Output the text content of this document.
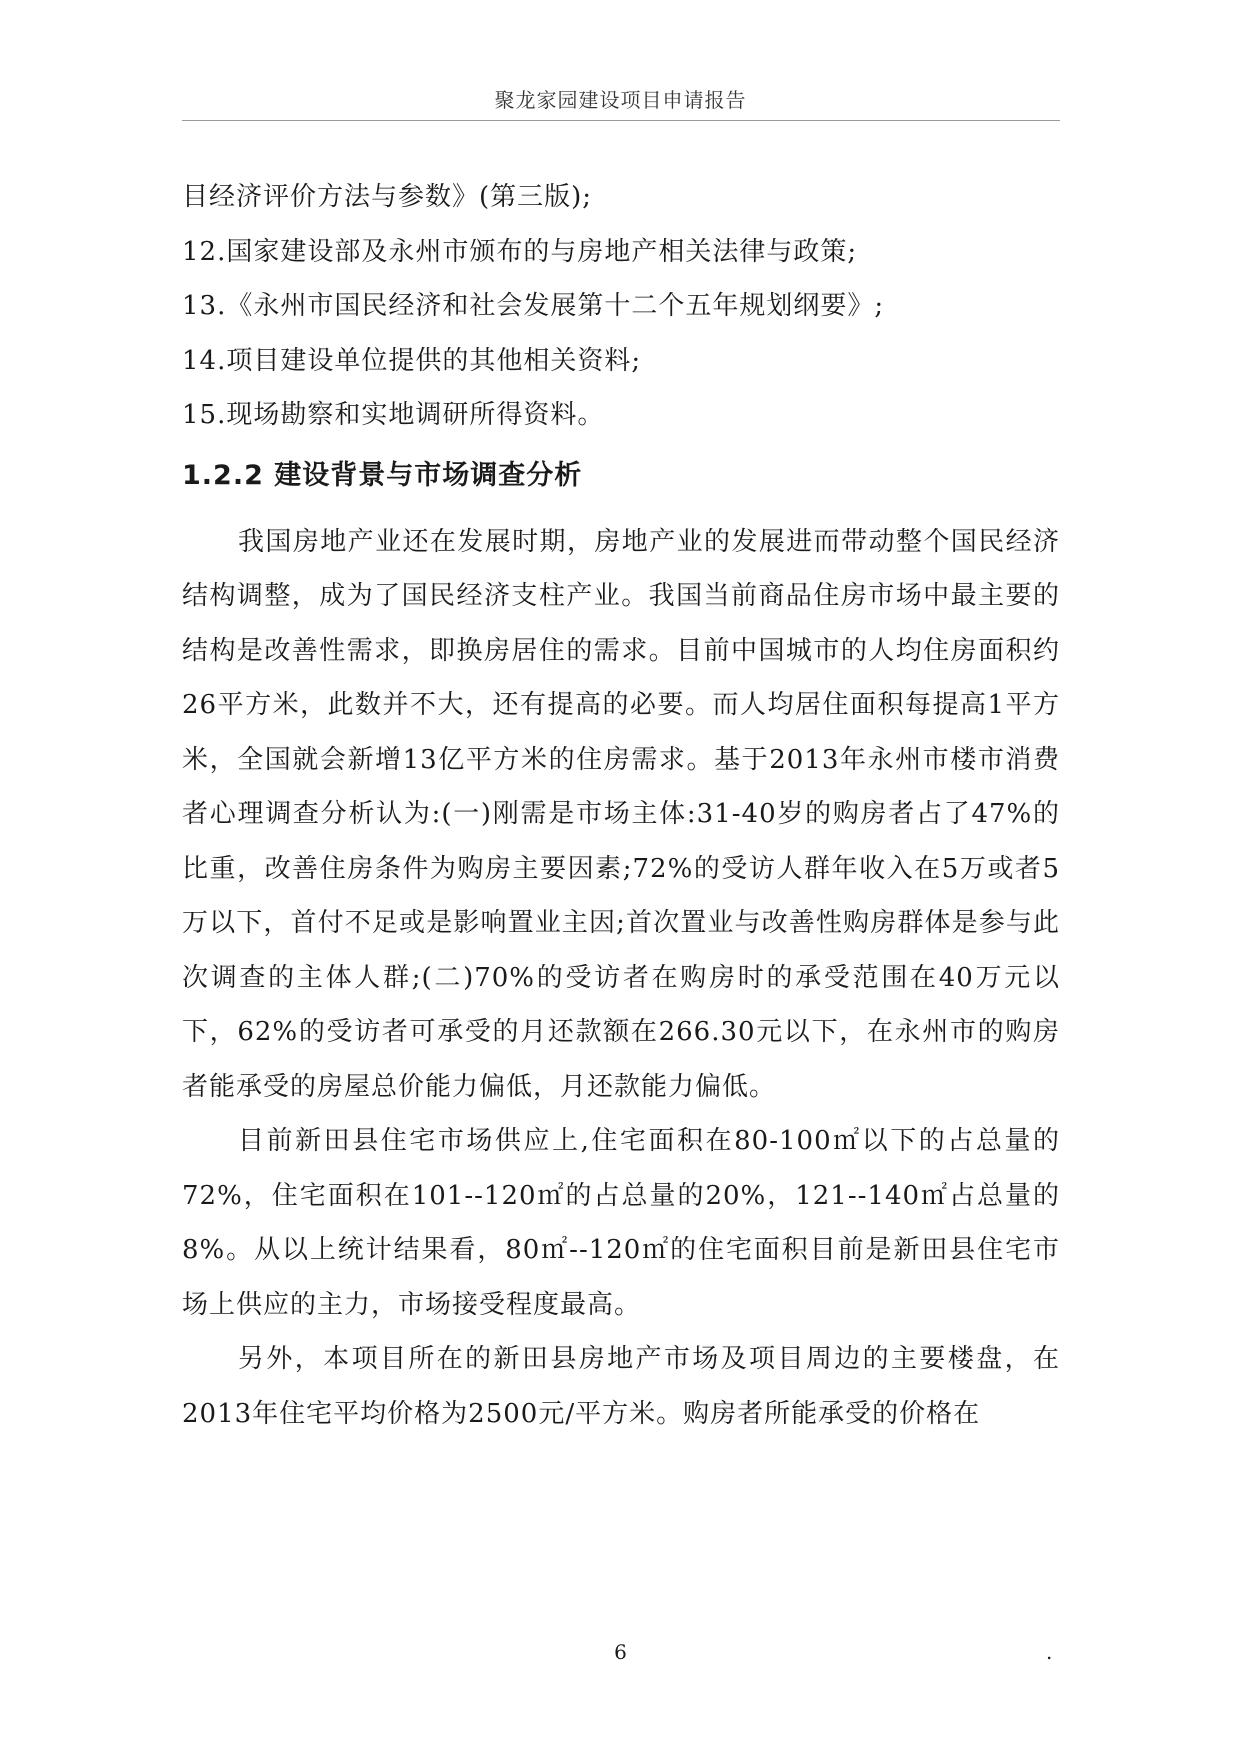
聚龙家园建设项目申请报告

目经济评价方法与参数》(第三版);

12.国家建设部及永州市颁布的与房地产相关法律与政策;

13.《永州市国民经济和社会发展第十二个五年规划纲要》;

14.项目建设单位提供的其他相关资料;

15.现场勘察和实地调研所得资料。

1.2.2 建设背景与市场调查分析

我国房地产业还在发展时期，房地产业的发展进而带动整个国民经济结构调整，成为了国民经济支柱产业。我国当前商品住房市场中最主要的结构是改善性需求，即换房居住的需求。目前中国城市的人均住房面积约26平方米，此数并不大，还有提高的必要。而人均居住面积每提高1平方米，全国就会新增13亿平方米的住房需求。基于2013年永州市楼市消费者心理调查分析认为:(一)刚需是市场主体:31-40岁的购房者占了47%的比重，改善住房条件为购房主要因素;72%的受访人群年收入在5万或者5万以下，首付不足或是影响置业主因;首次置业与改善性购房群体是参与此次调查的主体人群;(二)70%的受访者在购房时的承受范围在40万元以下，62%的受访者可承受的月还款额在266.30元以下，在永州市的购房者能承受的房屋总价能力偏低，月还款能力偏低。

目前新田县住宅市场供应上,住宅面积在80-100㎡以下的占总量的72%，住宅面积在101--120㎡的占总量的20%，121--140㎡占总量的8%。从以上统计结果看，80㎡--120㎡的住宅面积目前是新田县住宅市场上供应的主力，市场接受程度最高。

另外，本项目所在的新田县房地产市场及项目周边的主要楼盘，在2013年住宅平均价格为2500元/平方米。购房者所能承受的价格在

6	.
